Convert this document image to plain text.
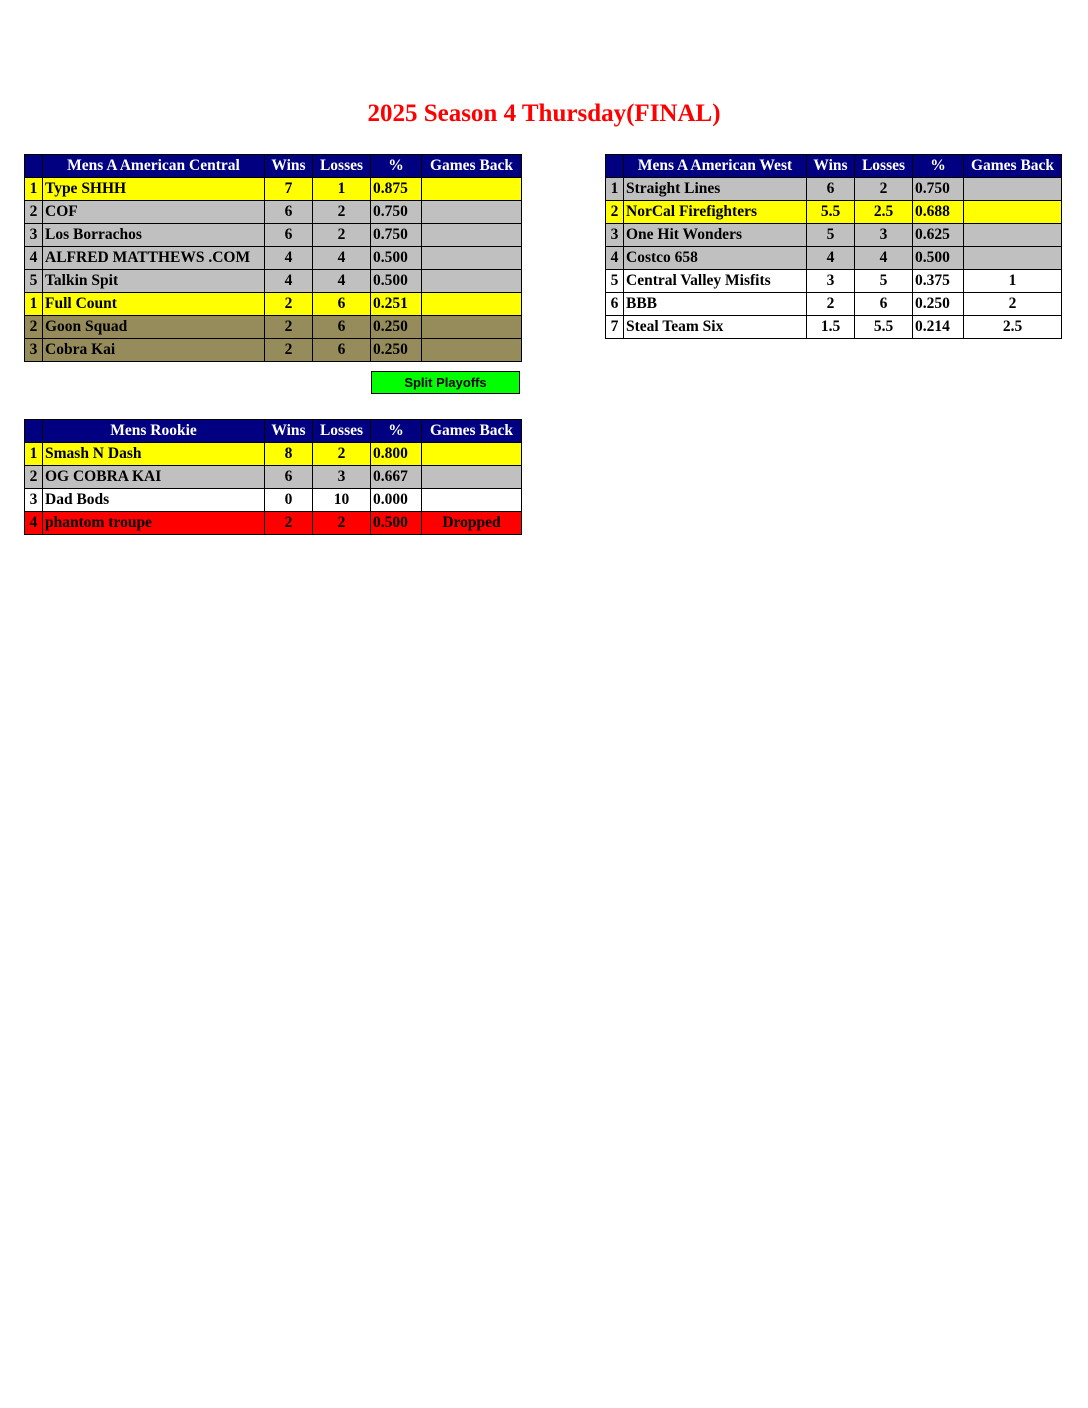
2025 Season 4 Thursday(FINAL)
	Mens A American Central	Wins	Losses	%	Games Back
1	Type SHHH	7	1	0.875	
2	COF	6	2	0.750	
3	Los Borrachos	6	2	0.750	
4	ALFRED MATTHEWS .COM	4	4	0.500	
5	Talkin Spit	4	4	0.500	
1	Full Count	2	6	0.251	
2	Goon Squad	2	6	0.250	
3	Cobra Kai	2	6	0.250	
Split Playoffs
	Mens A American West	Wins	Losses	%	Games Back
1	Straight Lines	6	2	0.750	
2	NorCal Firefighters	5.5	2.5	0.688	
3	One Hit Wonders	5	3	0.625	
4	Costco 658	4	4	0.500	
5	Central Valley Misfits	3	5	0.375	1
6	BBB	2	6	0.250	2
7	Steal Team Six	1.5	5.5	0.214	2.5
	Mens Rookie	Wins	Losses	%	Games Back
1	Smash N Dash	8	2	0.800	
2	OG COBRA KAI	6	3	0.667	
3	Dad Bods	0	10	0.000	
4	phantom troupe	2	2	0.500	Dropped
